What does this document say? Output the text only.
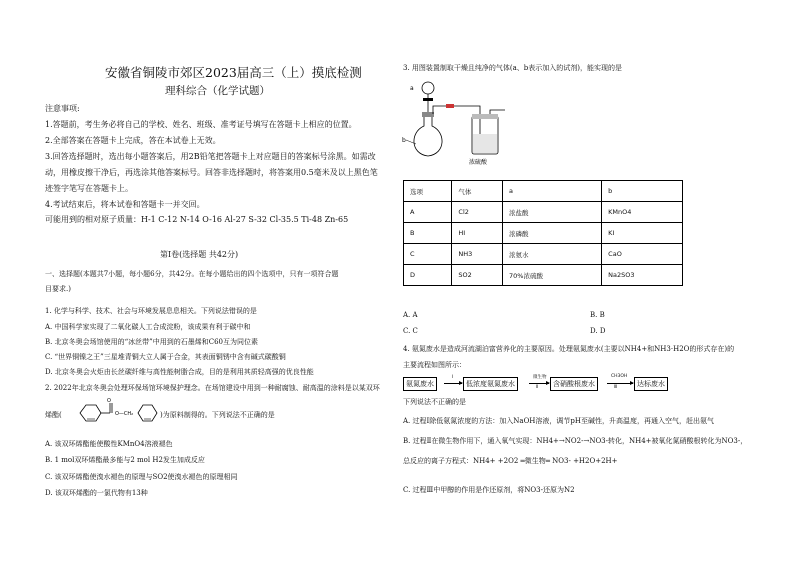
安徽省铜陵市郊区2023届高三（上）摸底检测
理科综合（化学试题）
注意事项:
1.答题前，考生务必将自己的学校、姓名、班级、准考证号填写在答题卡上相应的位置。
2.全部答案在答题卡上完成，答在本试卷上无效。
3.回答选择题时，选出每小题答案后，用2B铅笔把答题卡上对应题目的答案标号涂黑。如需改
动，用橡皮擦干净后，再选涂其他答案标号。回答非选择题时，将答案用0.5毫米及以上黑色笔
迹签字笔写在答题卡上。
4.考试结束后，将本试卷和答题卡一并交回。
可能用到的相对原子质量：H-1 C-12 N-14 O-16 Al-27 S-32 Cl-35.5 Ti-48 Zn-65
第Ⅰ卷(选择题 共42分)
一、选择题(本题共7小题，每小题6分，共42分。在每小题给出的四个选项中，只有一项符合题
目要求.)
1. 化学与科学、技术、社会与环境发展息息相关。下列说法错误的是
A. 中国科学家实现了二氧化碳人工合成淀粉，该成果有利于碳中和
B. 北京冬奥会场馆使用的“冰丝带”中用到的石墨烯和C60互为同位素
C. “世界铜镍之王”三星堆青铜大立人属于合金，其表面铜锈中含有碱式碳酸铜
D. 北京冬奥会火炬由长丝碳纤维与高性能树脂合成，目的是利用其质轻高强的优良性能
2. 2022年北京冬奥会处理环保场馆环境保护理念。在场馆建设中用到一种耐腐蚀、耐高温的涂料是以某双环
烯酯(
O
O—CH₂	)为原料制得的。下列说法不正确的是
A. 该双环烯酯能使酸性KMnO4溶液褪色
B. 1 mol双环烯酯最多能与2 mol H2发生加成反应
C. 该双环烯酯使溴水褪色的原理与SO2使溴水褪色的原理相同
D. 该双环烯酯的一氯代物有13种
3. 用图装置制取干燥且纯净的气体(a、b表示加入的试剂)，能实现的是
a
b
浓硫酸
选项	气体	a	b
A	Cl2	浓盐酸	KMnO4
B	HI	浓磷酸	KI
C	NH3	浓氨水	CaO
D	SO2	70%浓硫酸	Na2SO3
A. A	B. B
C. C	D. D
4. 氨氮废水是造成河流湖泊富营养化的主要原因。处理氨氮废水(主要以NH4+和NH3·H2O的形式存在)的
主要流程如图所示：
氨氮废水
Ⅰ
低浓度氨氮废水
微生物
Ⅱ	含硝酸根废水
CH3OH
Ⅲ	达标废水
下列说法不正确的是
A. 过程Ⅰ除低氨氮浓度的方法：加入NaOH溶液，调节pH至碱性，升高温度，再通入空气，赶出氨气
B. 过程Ⅱ在微生物作用下，通入氧气实现：NH4+→NO2-→NO3-转化，NH4+被氧化氮硝酸根转化为NO3-，
总反应的离子方程式：NH4+ +2O2 ═微生物═ NO3- +H2O+2H+
C. 过程Ⅲ中甲醇的作用是作还原剂，将NO3-还原为N2
